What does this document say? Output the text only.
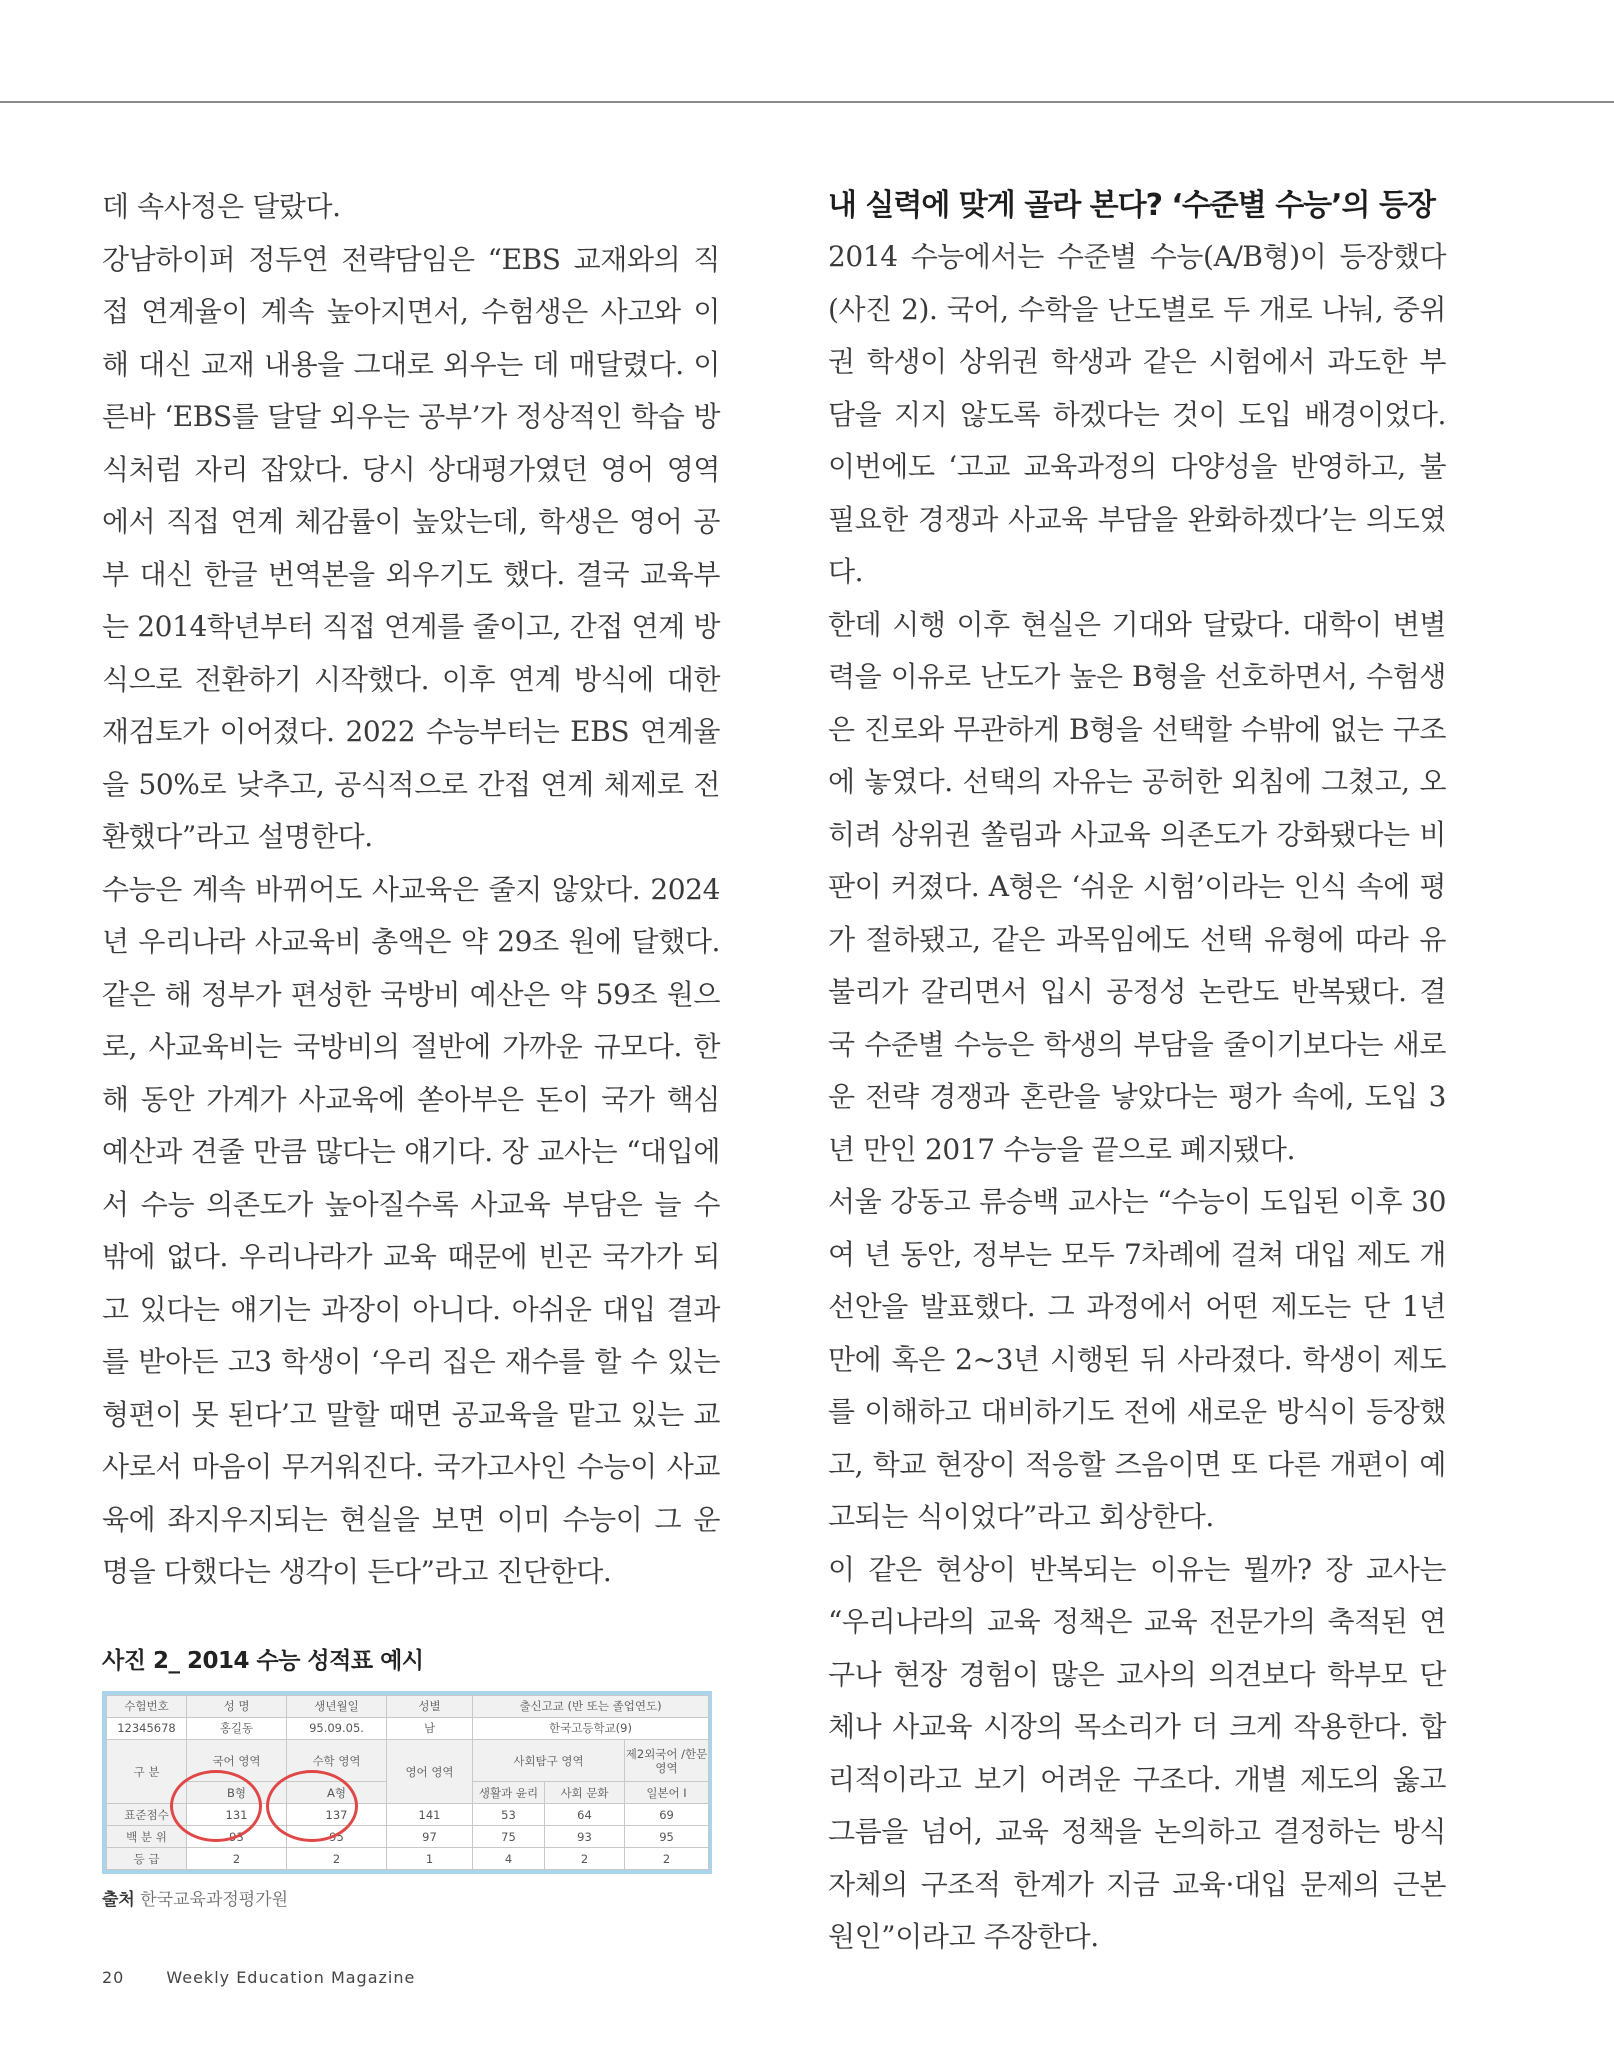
데 속사정은 달랐다.

강남하이퍼 정두연 전략담임은 “EBS 교재와의 직접 연계율이 계속 높아지면서, 수험생은 사고와 이해 대신 교재 내용을 그대로 외우는 데 매달렸다. 이른바 ‘EBS를 달달 외우는 공부’가 정상적인 학습 방식처럼 자리 잡았다. 당시 상대평가였던 영어 영역에서 직접 연계 체감률이 높았는데, 학생은 영어 공부 대신 한글 번역본을 외우기도 했다. 결국 교육부는 2014학년부터 직접 연계를 줄이고, 간접 연계 방식으로 전환하기 시작했다. 이후 연계 방식에 대한 재검토가 이어졌다. 2022 수능부터는 EBS 연계율을 50%로 낮추고, 공식적으로 간접 연계 체제로 전환했다”라고 설명한다.

수능은 계속 바뀌어도 사교육은 줄지 않았다. 2024년 우리나라 사교육비 총액은 약 29조 원에 달했다. 같은 해 정부가 편성한 국방비 예산은 약 59조 원으로, 사교육비는 국방비의 절반에 가까운 규모다. 한 해 동안 가계가 사교육에 쏟아부은 돈이 국가 핵심 예산과 견줄 만큼 많다는 얘기다. 장 교사는 “대입에서 수능 의존도가 높아질수록 사교육 부담은 늘 수밖에 없다. 우리나라가 교육 때문에 빈곤 국가가 되고 있다는 얘기는 과장이 아니다. 아쉬운 대입 결과를 받아든 고3 학생이 ‘우리 집은 재수를 할 수 있는 형편이 못 된다’고 말할 때면 공교육을 맡고 있는 교사로서 마음이 무거워진다. 국가고사인 수능이 사교육에 좌지우지되는 현실을 보면 이미 수능이 그 운명을 다했다는 생각이 든다”라고 진단한다.

사진 2_ 2014 수능 성적표 예시

수험번호	성 명	생년월일	성별	출신고교 (반 또는 졸업연도)		
12345678	홍길동	95.09.05.	남	한국고등학교(9)		
구 분	국어 영역	수학 영역	영어 영역	사회탐구 영역		제2외국어 /한문 영역

	B형	A형		생활과 윤리	사회 문화	일본어 I
표준점수	131	137	141	53	64	69
백 분 위	93	95	97	75	93	95
등 급	2	2	1	4	2	2

출처 한국교육과정평가원

내 실력에 맞게 골라 본다? ‘수준별 수능’의 등장

2014 수능에서는 수준별 수능(A/B형)이 등장했다(사진 2). 국어, 수학을 난도별로 두 개로 나눠, 중위권 학생이 상위권 학생과 같은 시험에서 과도한 부담을 지지 않도록 하겠다는 것이 도입 배경이었다. 이번에도 ‘고교 교육과정의 다양성을 반영하고, 불필요한 경쟁과 사교육 부담을 완화하겠다’는 의도였다.

한데 시행 이후 현실은 기대와 달랐다. 대학이 변별력을 이유로 난도가 높은 B형을 선호하면서, 수험생은 진로와 무관하게 B형을 선택할 수밖에 없는 구조에 놓였다. 선택의 자유는 공허한 외침에 그쳤고, 오히려 상위권 쏠림과 사교육 의존도가 강화됐다는 비판이 커졌다. A형은 ‘쉬운 시험’이라는 인식 속에 평가 절하됐고, 같은 과목임에도 선택 유형에 따라 유불리가 갈리면서 입시 공정성 논란도 반복됐다. 결국 수준별 수능은 학생의 부담을 줄이기보다는 새로운 전략 경쟁과 혼란을 낳았다는 평가 속에, 도입 3년 만인 2017 수능을 끝으로 폐지됐다.

서울 강동고 류승백 교사는 “수능이 도입된 이후 30여 년 동안, 정부는 모두 7차례에 걸쳐 대입 제도 개선안을 발표했다. 그 과정에서 어떤 제도는 단 1년 만에 혹은 2~3년 시행된 뒤 사라졌다. 학생이 제도를 이해하고 대비하기도 전에 새로운 방식이 등장했고, 학교 현장이 적응할 즈음이면 또 다른 개편이 예고되는 식이었다”라고 회상한다.

이 같은 현상이 반복되는 이유는 뭘까? 장 교사는 “우리나라의 교육 정책은 교육 전문가의 축적된 연구나 현장 경험이 많은 교사의 의견보다 학부모 단체나 사교육 시장의 목소리가 더 크게 작용한다. 합리적이라고 보기 어려운 구조다. 개별 제도의 옳고 그름을 넘어, 교육 정책을 논의하고 결정하는 방식 자체의 구조적 한계가 지금 교육·대입 문제의 근본 원인”이라고 주장한다.

20	Weekly Education Magazine
